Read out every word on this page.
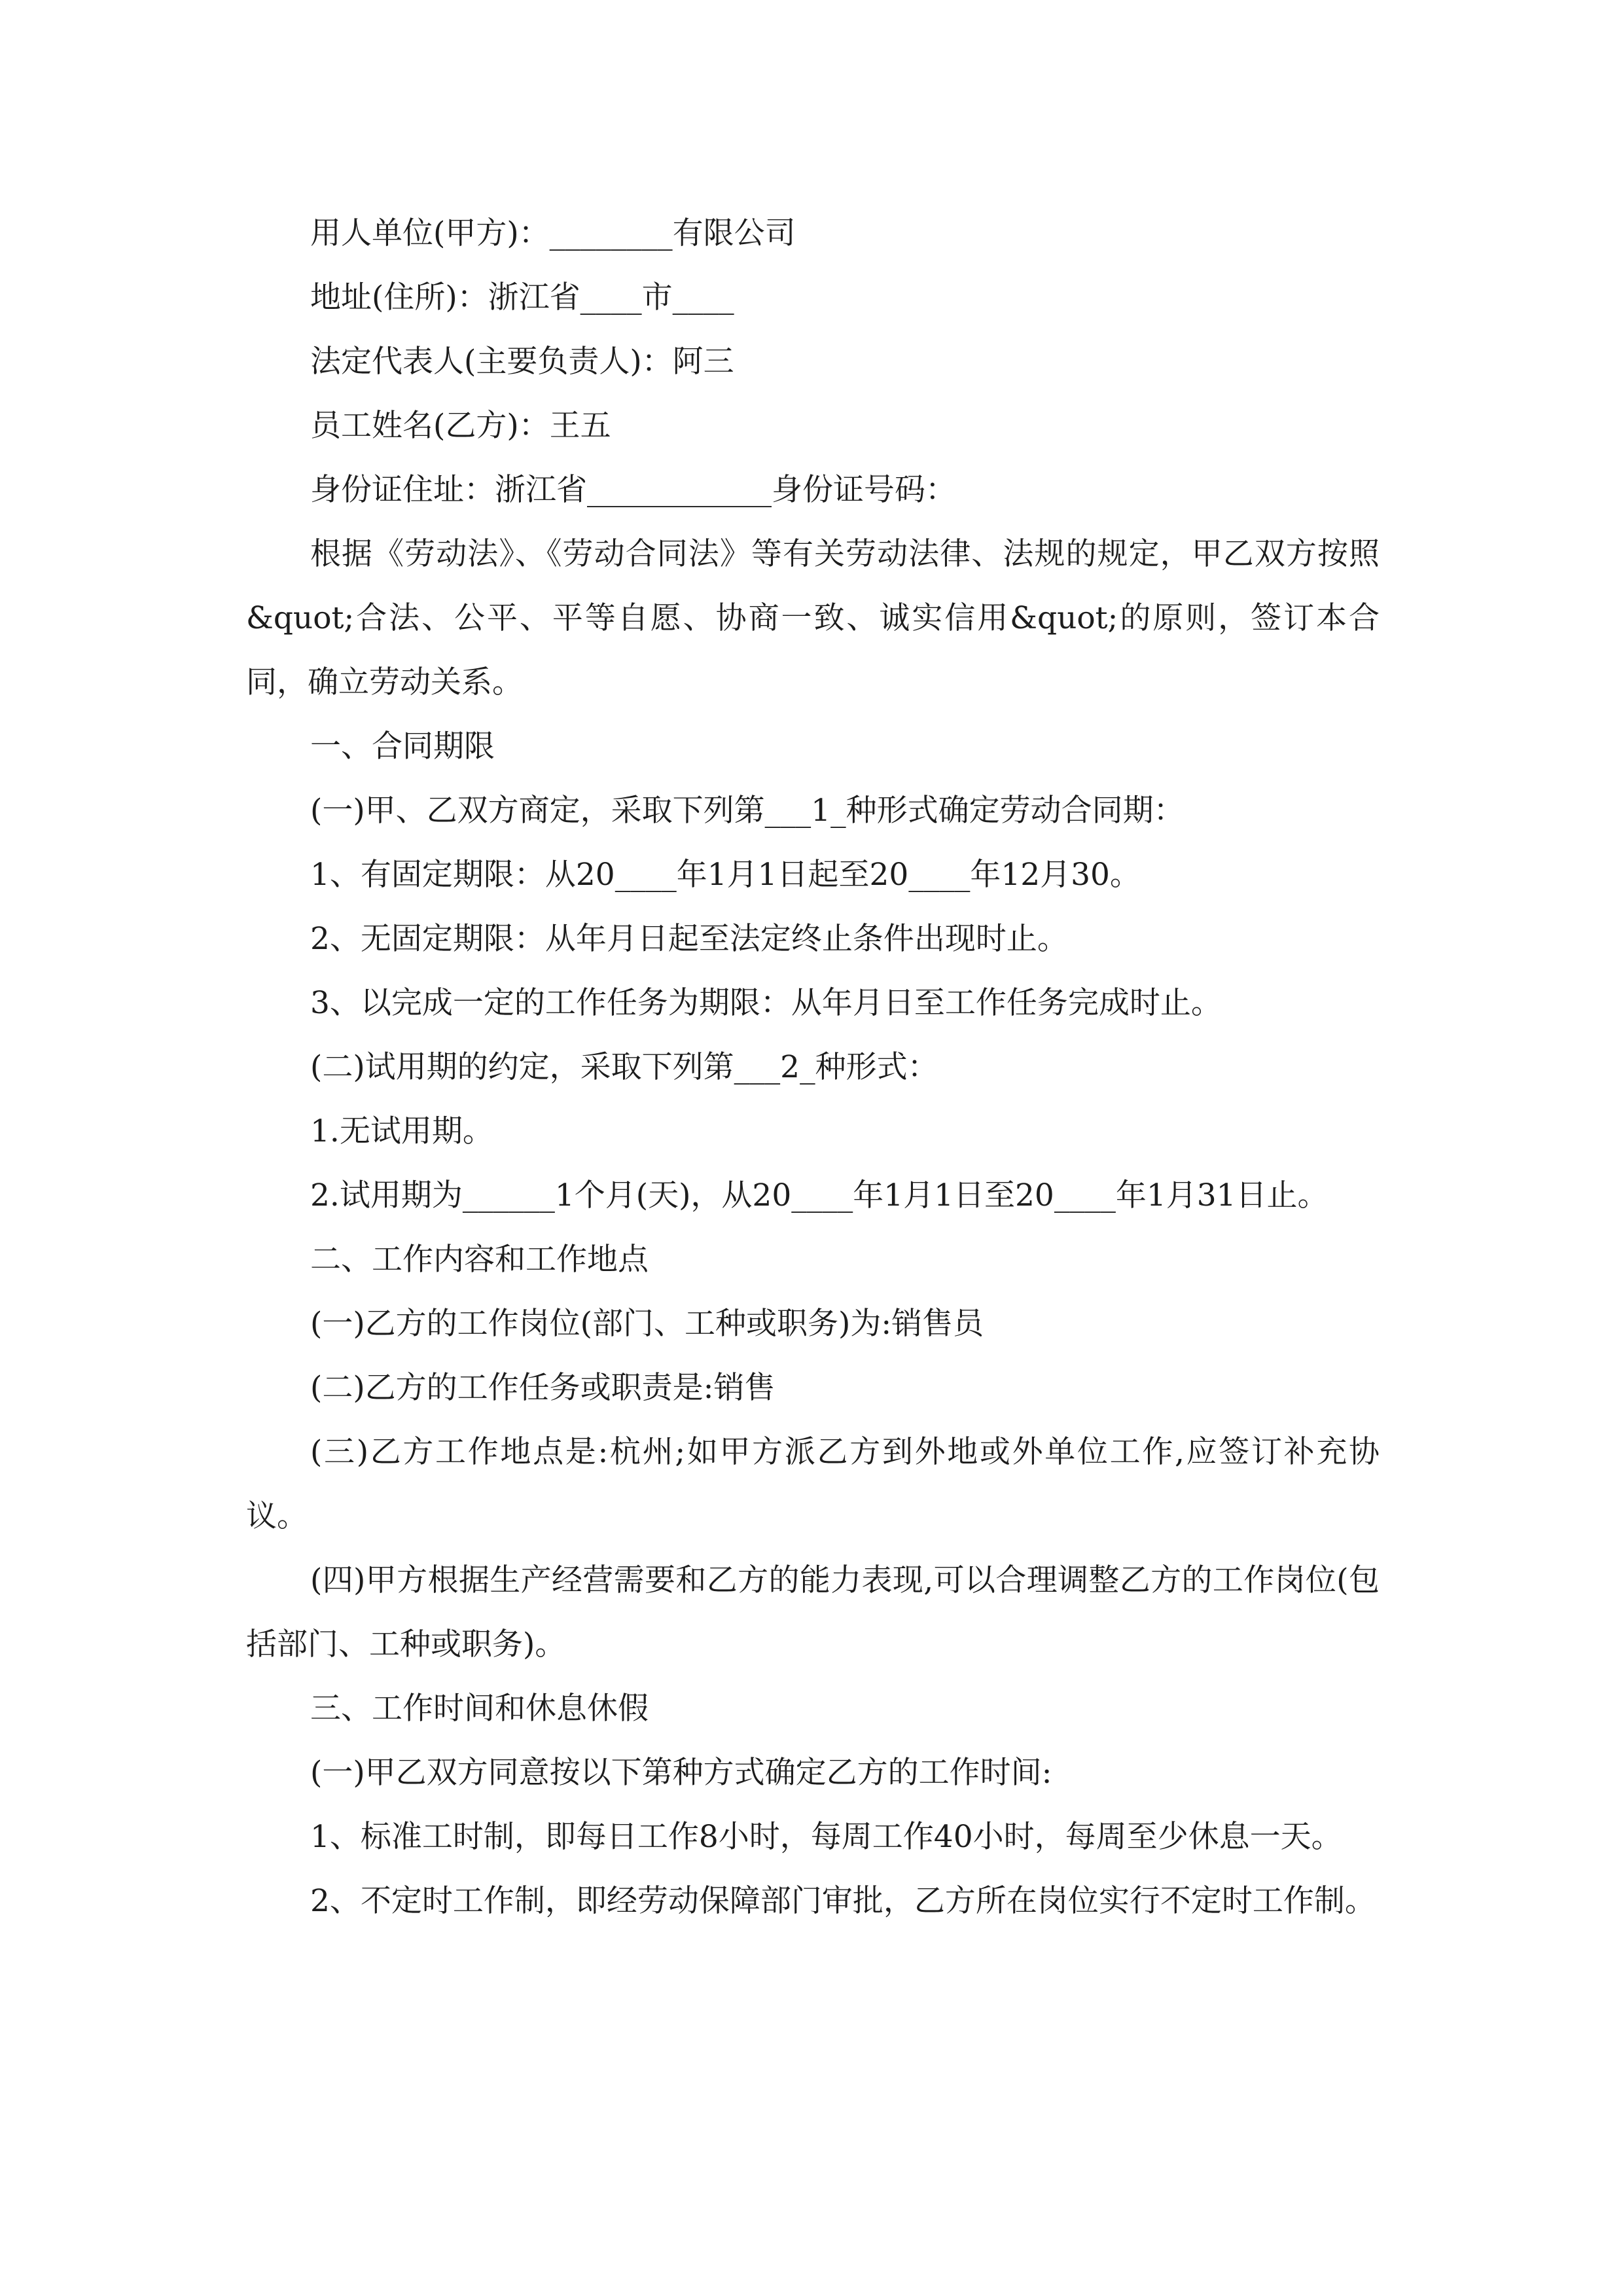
用人单位(甲方)：________有限公司

地址(住所)：浙江省____市____

法定代表人(主要负责人)：阿三

员工姓名(乙方)：王五

身份证住址：浙江省____________身份证号码：

根据《劳动法》、《劳动合同法》等有关劳动法律、法规的规定，甲乙双方按照&quot;合法、公平、平等自愿、协商一致、诚实信用&quot;的原则，签订本合同，确立劳动关系。

一、合同期限

(一)甲、乙双方商定，采取下列第___1_种形式确定劳动合同期：

1、有固定期限：从20____年1月1日起至20____年12月30。

2、无固定期限：从年月日起至法定终止条件出现时止。

3、以完成一定的工作任务为期限：从年月日至工作任务完成时止。

(二)试用期的约定，采取下列第___2_种形式：

1.无试用期。

2.试用期为______1个月(天)，从20____年1月1日至20____年1月31日止。

二、工作内容和工作地点

(一)乙方的工作岗位(部门、工种或职务)为:销售员

(二)乙方的工作任务或职责是:销售

(三)乙方工作地点是:杭州;如甲方派乙方到外地或外单位工作,应签订补充协议。

(四)甲方根据生产经营需要和乙方的能力表现,可以合理调整乙方的工作岗位(包括部门、工种或职务)。

三、工作时间和休息休假

(一)甲乙双方同意按以下第种方式确定乙方的工作时间:

1、标准工时制，即每日工作8小时，每周工作40小时，每周至少休息一天。

2、不定时工作制，即经劳动保障部门审批，乙方所在岗位实行不定时工作制。
